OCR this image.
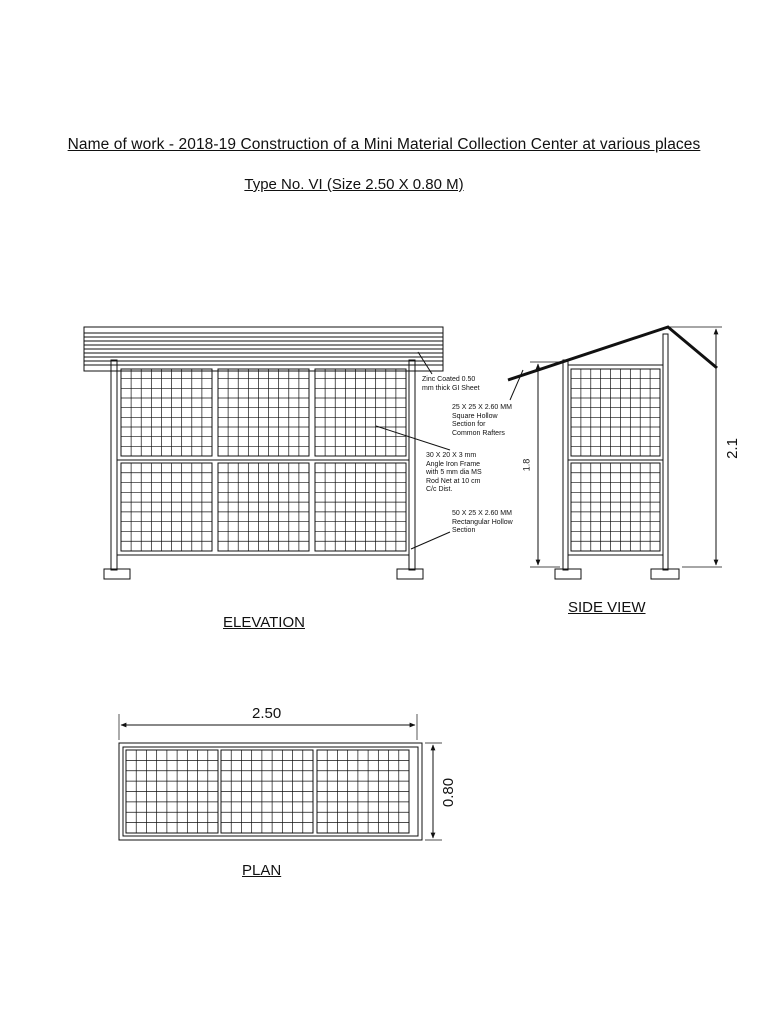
Name of work - 2018-19 Construction of a Mini Material Collection Center at various places
Type No. VI (Size 2.50 X 0.80 M)
ELEVATION
SIDE VIEW
PLAN
Zinc Coated 0.50
mm thick GI Sheet
25 X 25 X 2.60 MM
Square Hollow
Section for
Common Rafters
30 X 20 X 3 mm
Angle Iron Frame
with 5 mm dia MS
Rod Net at 10 cm
C/c Dist.
50 X 25 X 2.60 MM
Rectangular Hollow
Section
1.8
2.1
2.50
0.80
